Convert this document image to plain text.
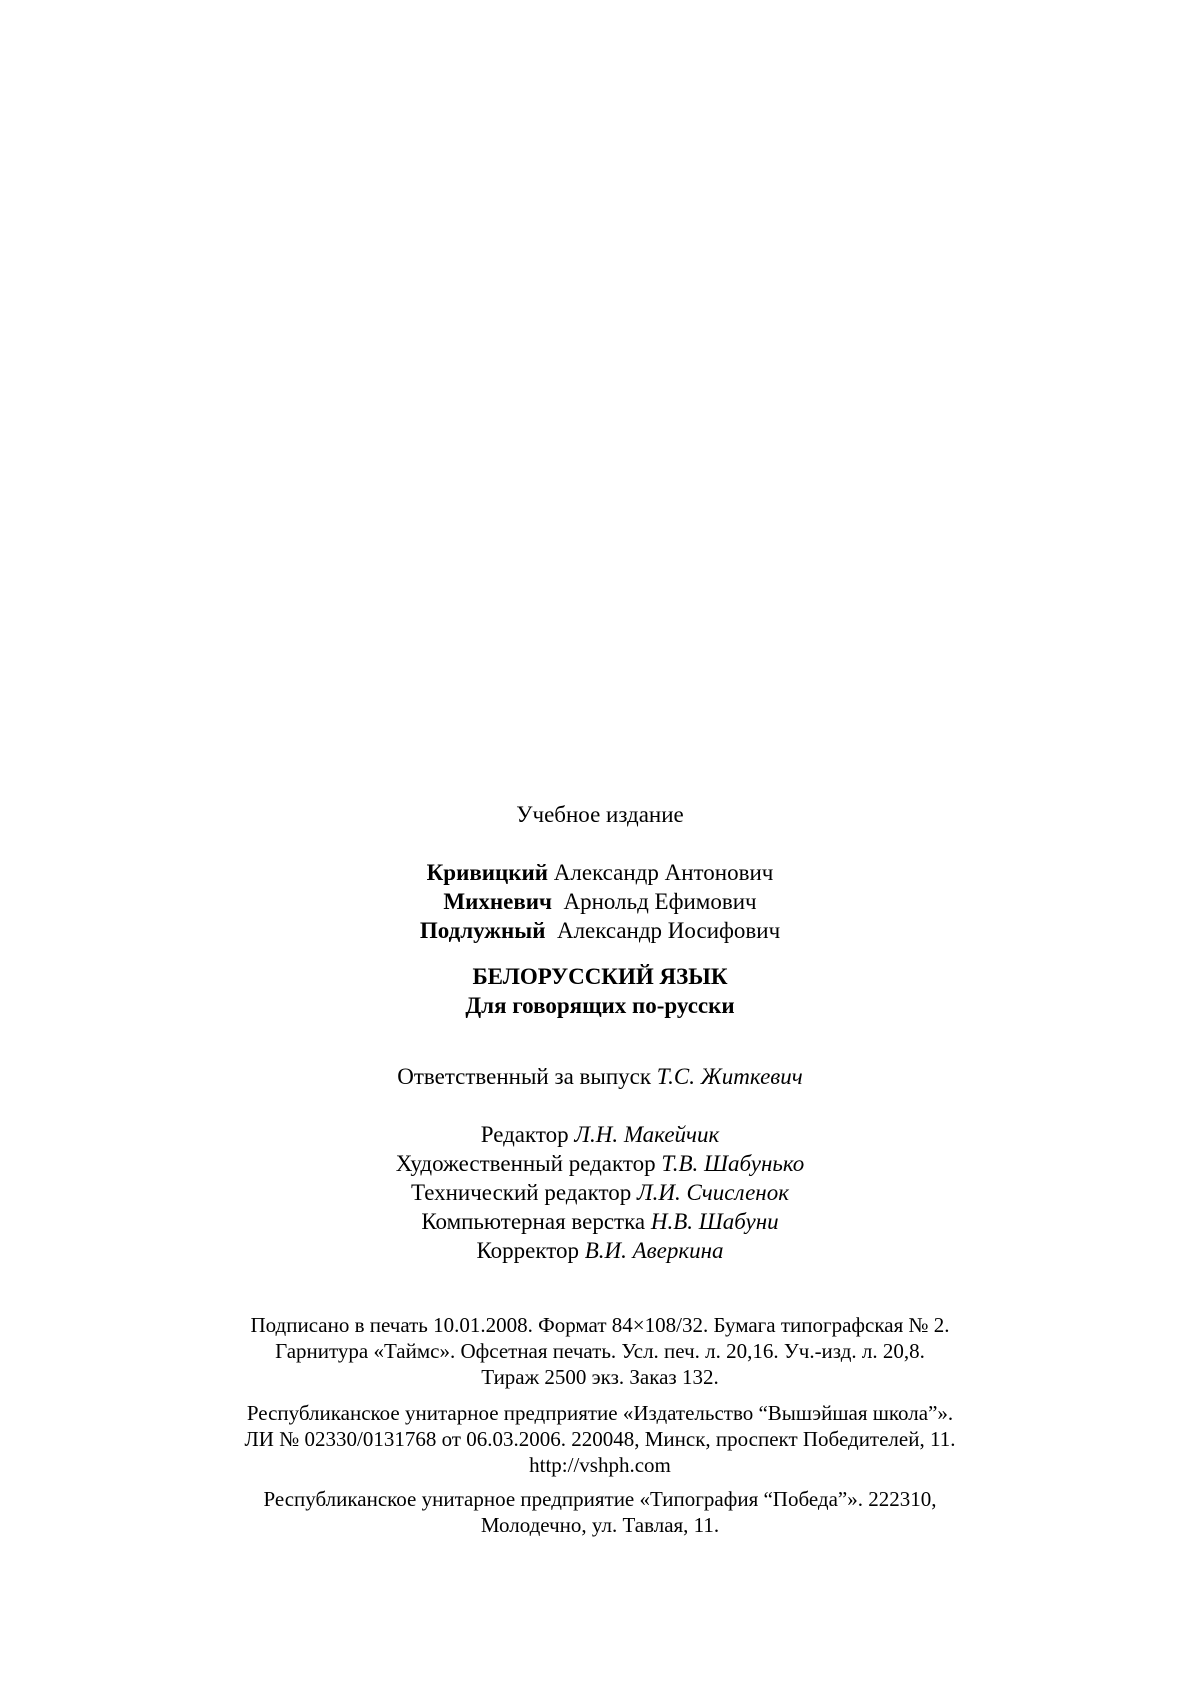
Учебное издание
Кривицкий Александр Антонович
Михневич Арнольд Ефимович
Подлужный Александр Иосифович
БЕЛОРУССКИЙ ЯЗЫК
Для говорящих по-русски
Ответственный за выпуск Т.С. Житкевич
Редактор Л.Н. Макейчик
Художественный редактор Т.В. Шабунько
Технический редактор Л.И. Счисленок
Компьютерная верстка Н.В. Шабуни
Корректор В.И. Аверкина
Подписано в печать 10.01.2008. Формат 84×108/32. Бумага типографская № 2.
Гарнитура «Таймс». Офсетная печать. Усл. печ. л. 20,16. Уч.-изд. л. 20,8.
Тираж 2500 экз. Заказ 132.
Республиканское унитарное предприятие «Издательство “Вышэйшая школа”».
ЛИ № 02330/0131768 от 06.03.2006. 220048, Минск, проспект Победителей, 11.
http://vshph.com
Республиканское унитарное предприятие «Типография “Победа”». 222310,
Молодечно, ул. Тавлая, 11.
